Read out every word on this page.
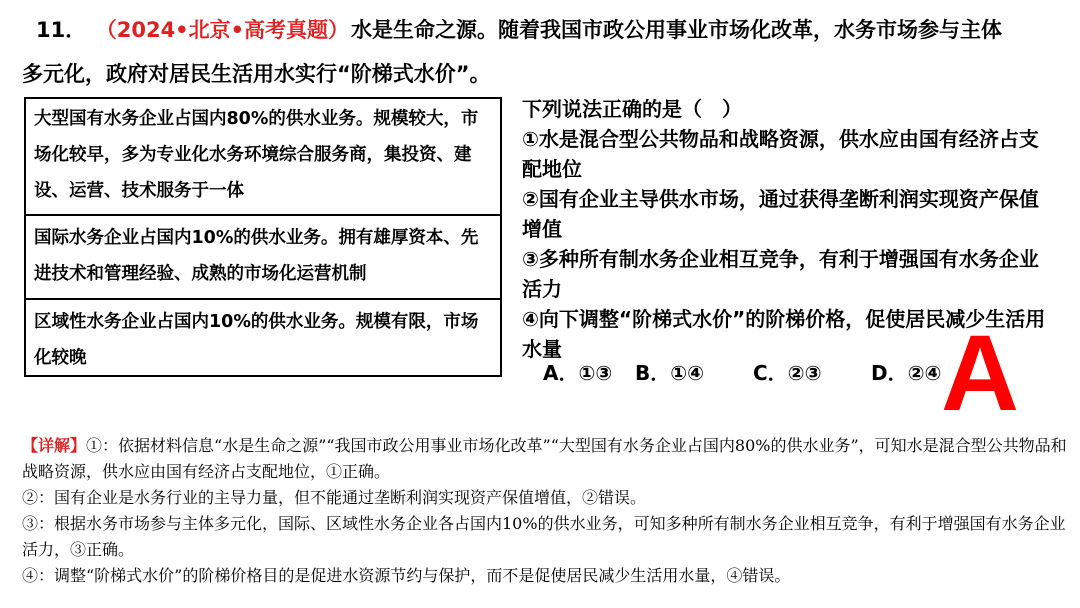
11． （2024•北京•高考真题）水是生命之源。随着我国市政公用事业市场化改革，水务市场参与主体
多元化，政府对居民生活用水实行“阶梯式水价”。
大型国有水务企业占国内80%的供水业务。规模较大，市场化较早，多为专业化水务环境综合服务商，集投资、建设、运营、技术服务于一体
国际水务企业占国内10%的供水业务。拥有雄厚资本、先进技术和管理经验、成熟的市场化运营机制
区域性水务企业占国内10%的供水业务。规模有限，市场化较晚
下列说法正确的是（　）
①水是混合型公共物品和战略资源，供水应由国有经济占支配地位
②国有企业主导供水市场，通过获得垄断利润实现资产保值增值
③多种所有制水务企业相互竞争，有利于增强国有水务企业活力
④向下调整“阶梯式水价”的阶梯价格，促使居民减少生活用水量
A．①③ B．①④ C．②③ D．②④ A
【详解】①：依据材料信息“水是生命之源”“我国市政公用事业市场化改革”“大型国有水务企业占国内80%的供水业务”，可知水是混合型公共物品和战略资源，供水应由国有经济占支配地位，①正确。
②：国有企业是水务行业的主导力量，但不能通过垄断利润实现资产保值增值，②错误。
③：根据水务市场参与主体多元化，国际、区域性水务企业各占国内10%的供水业务，可知多种所有制水务企业相互竞争，有利于增强国有水务企业活力，③正确。
④：调整“阶梯式水价”的阶梯价格目的是促进水资源节约与保护，而不是促使居民减少生活用水量，④错误。
